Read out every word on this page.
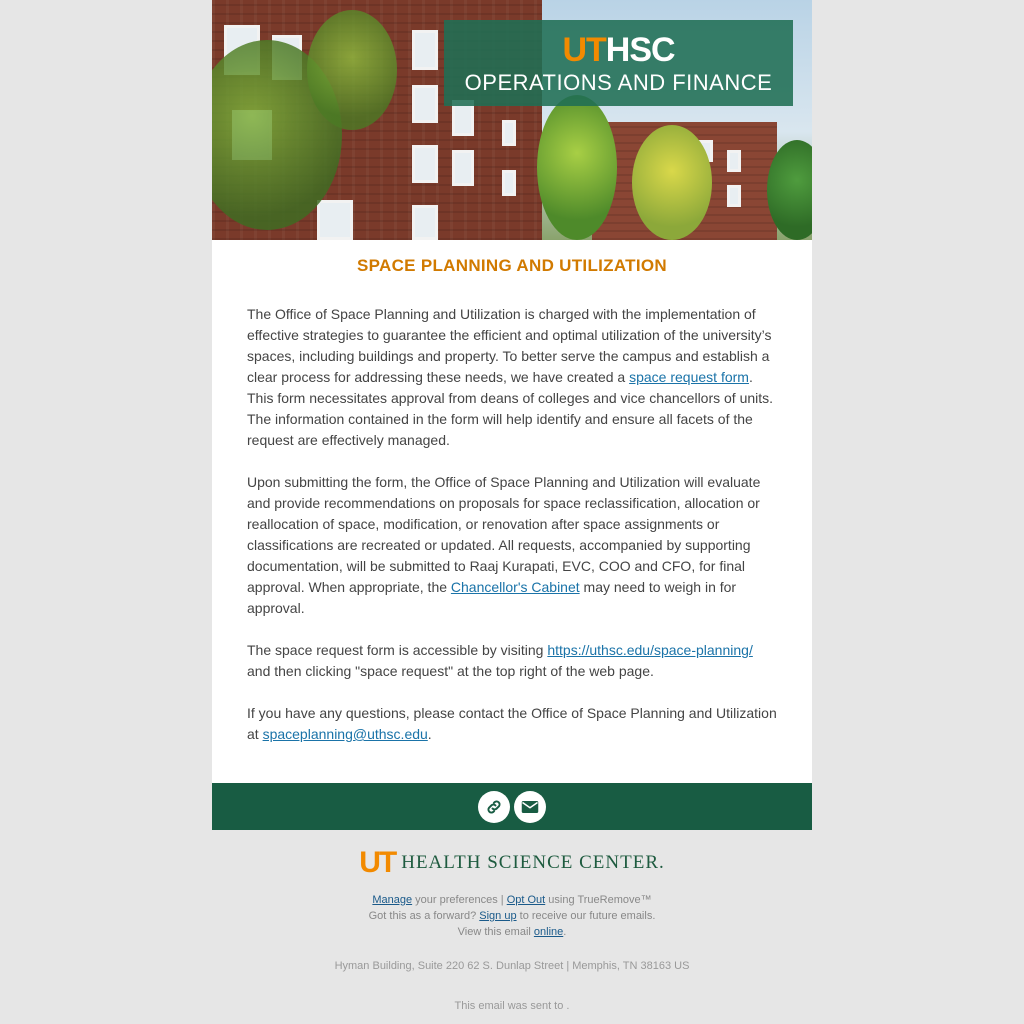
UTHSC
OPERATIONS AND FINANCE
SPACE PLANNING AND UTILIZATION

The Office of Space Planning and Utilization is charged with the implementation of effective strategies to guarantee the efficient and optimal utilization of the university’s spaces, including buildings and property. To better serve the campus and establish a clear process for addressing these needs, we have created a space request form. This form necessitates approval from deans of colleges and vice chancellors of units. The information contained in the form will help identify and ensure all facets of the request are effectively managed.

Upon submitting the form, the Office of Space Planning and Utilization will evaluate and provide recommendations on proposals for space reclassification, allocation or reallocation of space, modification, or renovation after space assignments or classifications are recreated or updated. All requests, accompanied by supporting documentation, will be submitted to Raaj Kurapati, EVC, COO and CFO, for final approval. When appropriate, the Chancellor's Cabinet may need to weigh in for approval.

The space request form is accessible by visiting https://uthsc.edu/space-planning/ and then clicking "space request" at the top right of the web page.

If you have any questions, please contact the Office of Space Planning and Utilization at spaceplanning@uthsc.edu.

UT HEALTH SCIENCE CENTER.
Manage your preferences | Opt Out using TrueRemove™
Got this as a forward? Sign up to receive our future emails.
View this email online.
Hyman Building, Suite 220 62 S. Dunlap Street | Memphis, TN 38163 US
This email was sent to .
